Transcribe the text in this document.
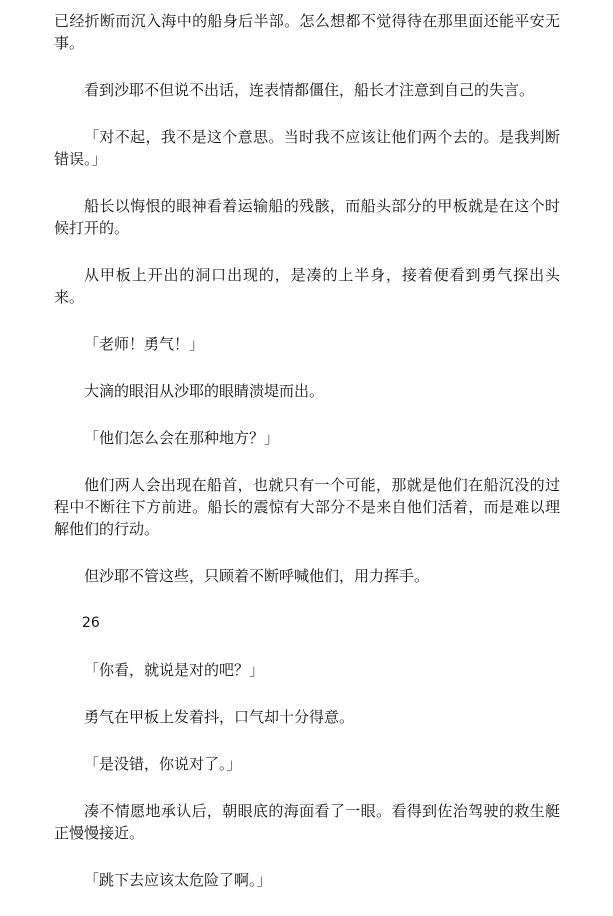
已经折断而沉入海中的船身后半部。怎么想都不觉得待在那里面还能平安无事。

看到沙耶不但说不出话，连表情都僵住，船长才注意到自己的失言。

「对不起，我不是这个意思。当时我不应该让他们两个去的。是我判断错误。」

船长以悔恨的眼神看着运输船的残骸，而船头部分的甲板就是在这个时候打开的。

从甲板上开出的洞口出现的，是凑的上半身，接着便看到勇气探出头来。

「老师！勇气！」

大滴的眼泪从沙耶的眼睛溃堤而出。

「他们怎么会在那种地方？」

他们两人会出现在船首，也就只有一个可能，那就是他们在船沉没的过程中不断往下方前进。船长的震惊有大部分不是来自他们活着，而是难以理解他们的行动。

但沙耶不管这些，只顾着不断呼喊他们，用力挥手。

26

「你看，就说是对的吧？」

勇气在甲板上发着抖，口气却十分得意。

「是没错，你说对了。」

凑不情愿地承认后，朝眼底的海面看了一眼。看得到佐治驾驶的救生艇正慢慢接近。

「跳下去应该太危险了啊。」
